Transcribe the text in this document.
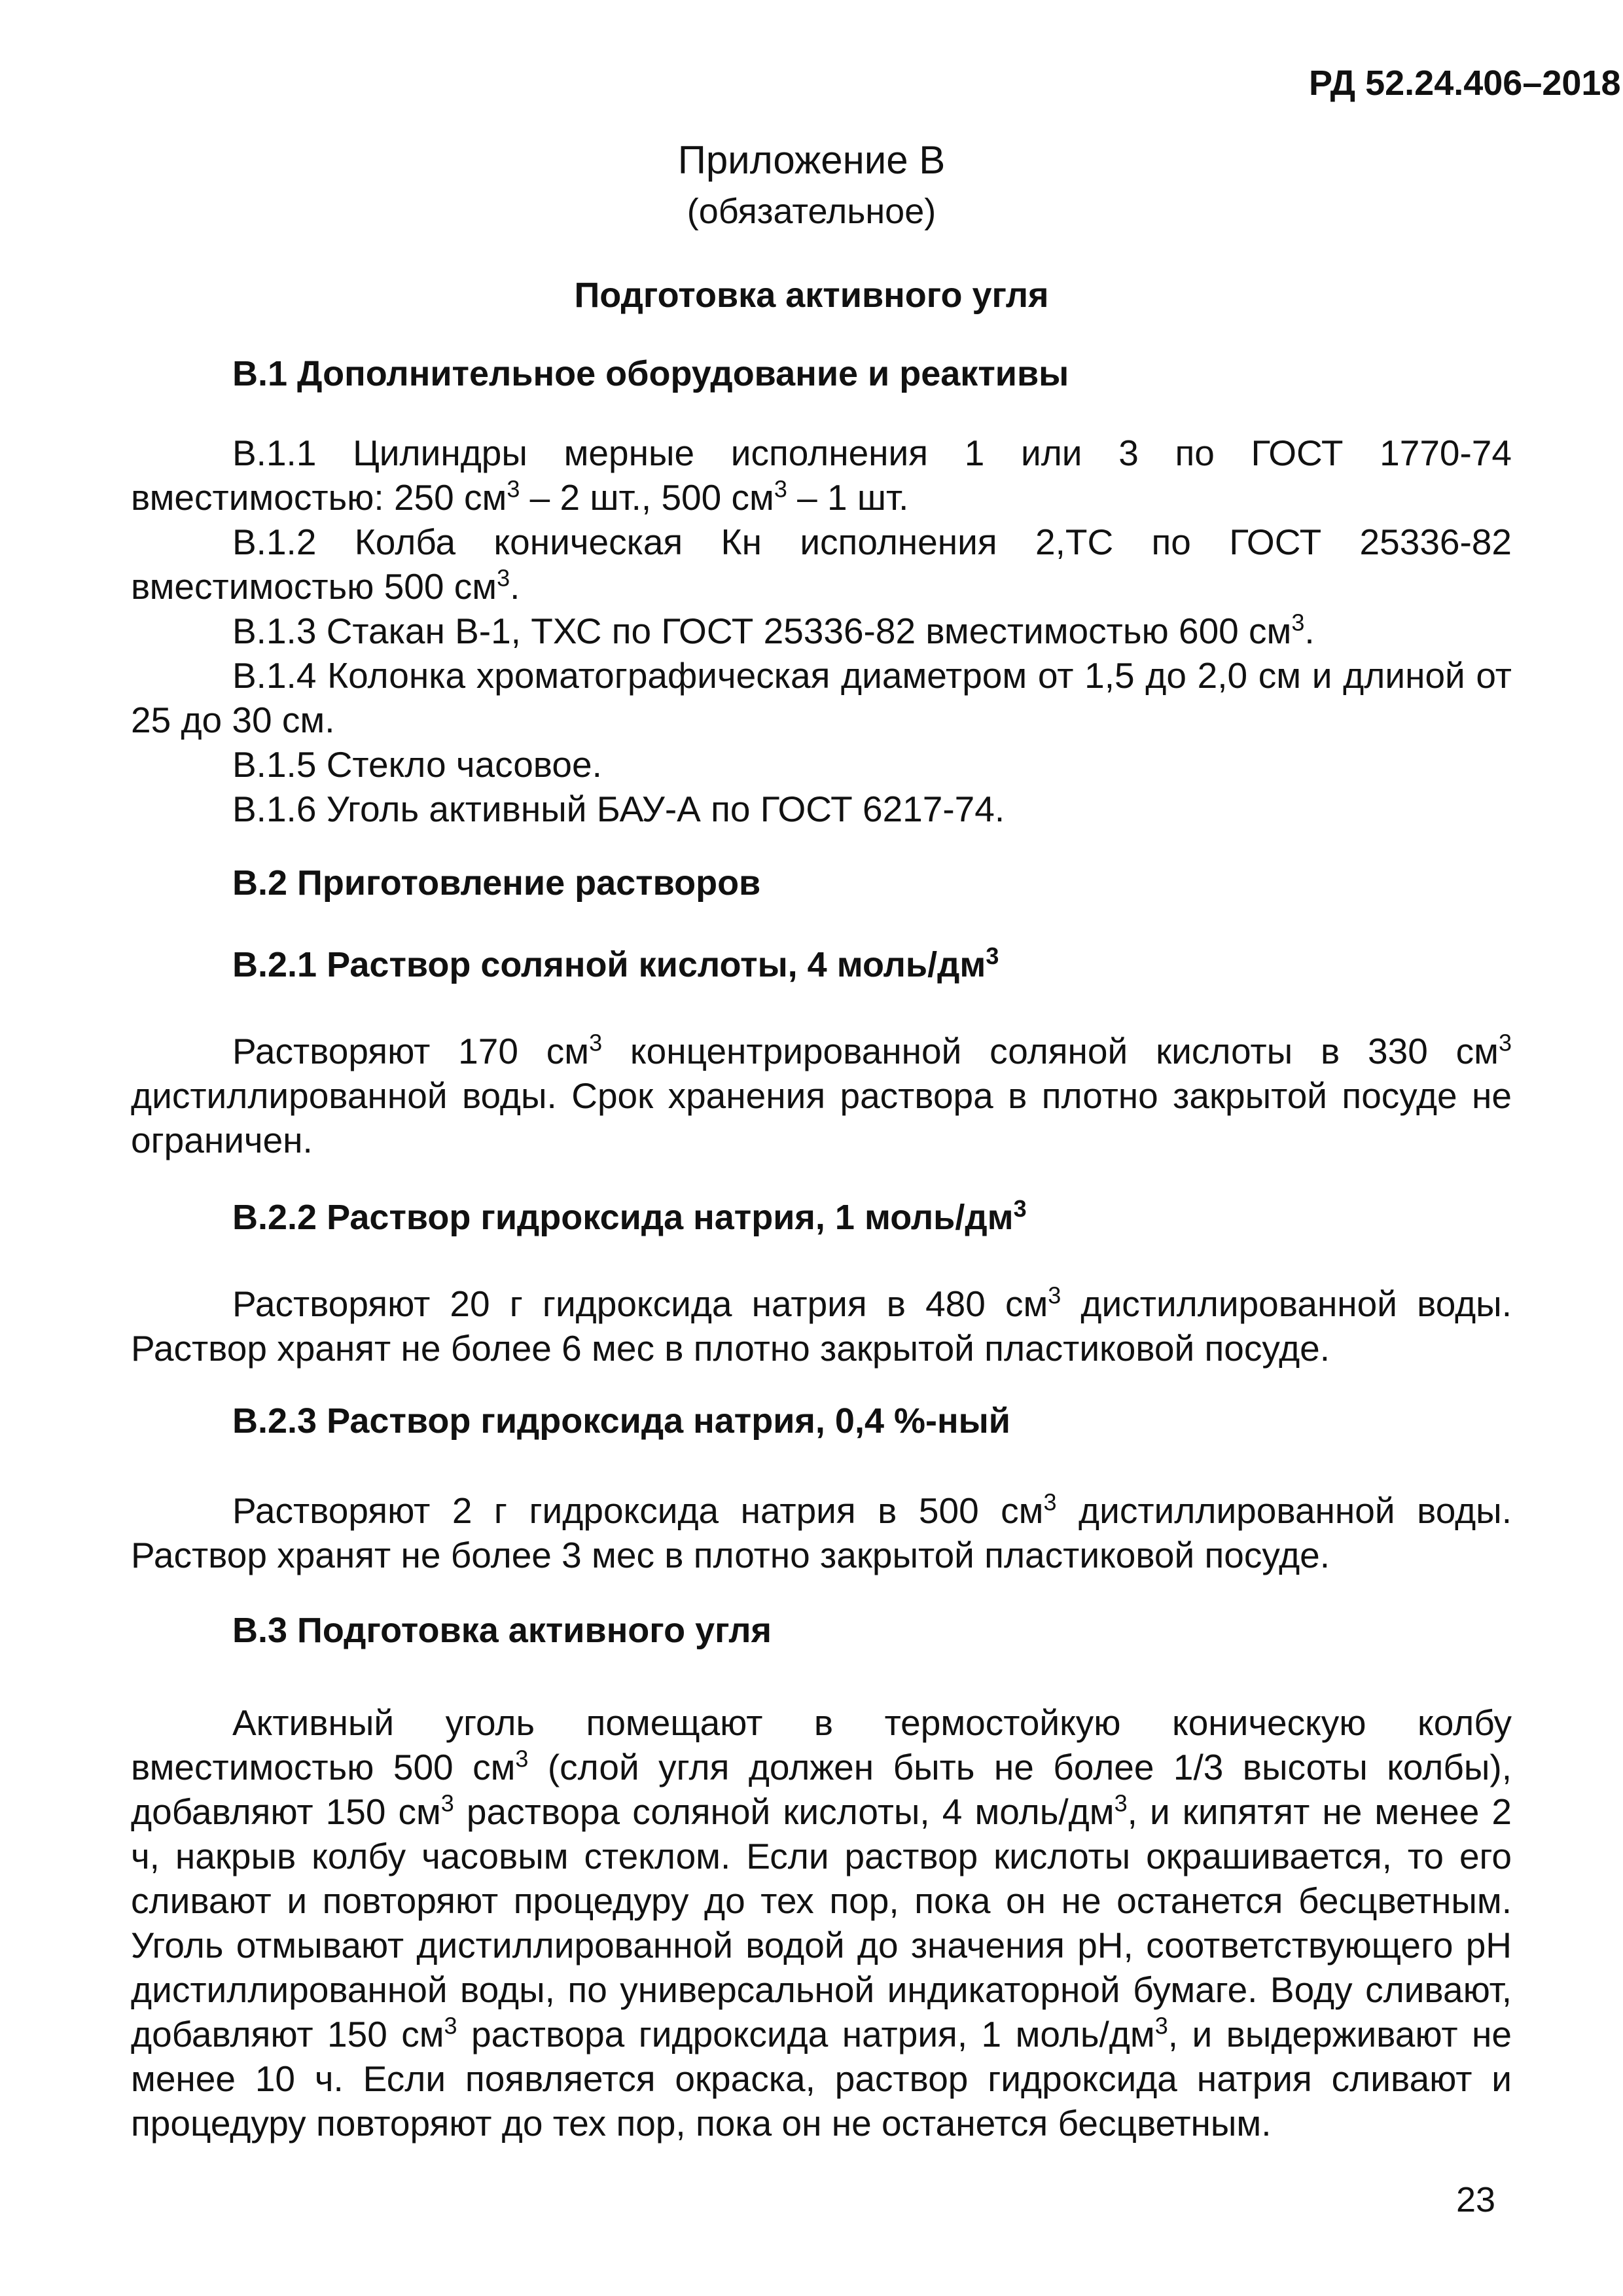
РД 52.24.406–2018
Приложение В
(обязательное)
Подготовка активного угля
В.1 Дополнительное оборудование и реактивы
В.1.1 Цилиндры мерные исполнения 1 или 3 по ГОСТ 1770-74 вместимостью: 250 $см^3 - 2$ шт., 500 $см^3 - 1$ шт.
В.1.2 Колба коническая Кн исполнения 2,ТС по ГОСТ 25336-82 вместимостью 500 $см^3$.
В.1.3 Стакан В-1, ТХС по ГОСТ 25336-82 вместимостью 600 $см^3$.
В.1.4 Колонка хроматографическая диаметром от 1,5 до 2,0 см и длиной от 25 до 30 см.
В.1.5 Стекло часовое.
В.1.6 Уголь активный БАУ-А по ГОСТ 6217-74.
В.2 Приготовление растворов
В.2.1 Раствор соляной кислоты, 4 моль/$дм^3$
Растворяют 170 $см^3$ концентрированной соляной кислоты в 330 $см^3$ дистиллированной воды. Срок хранения раствора в плотно закрытой посуде не ограничен.
В.2.2 Раствор гидроксида натрия, 1 моль/$дм^3$
Растворяют 20 г гидроксида натрия в 480 $см^3$ дистиллированной воды. Раствор хранят не более 6 мес в плотно закрытой пластиковой посуде.
В.2.3 Раствор гидроксида натрия, 0,4 %-ный
Растворяют 2 г гидроксида натрия в 500 $см^3$ дистиллированной воды. Раствор хранят не более 3 мес в плотно закрытой пластиковой посуде.
В.3 Подготовка активного угля
Активный уголь помещают в термостойкую коническую колбу вместимостью 500 $см^3$ (слой угля должен быть не более 1/3 высоты колбы), добавляют 150 $см^3$ раствора соляной кислоты, 4 моль/$дм^3$, и кипятят не менее 2 ч, накрыв колбу часовым стеклом. Если раствор кислоты окрашивается, то его сливают и повторяют процедуру до тех пор, пока он не останется бесцветным. Уголь отмывают дистиллированной водой до значения pH, соответствующего pH дистиллированной воды, по универсальной индикаторной бумаге. Воду сливают, добавляют 150 $см^3$ раствора гидроксида натрия, 1 моль/$дм^3$, и выдерживают не менее 10 ч. Если появляется окраска, раствор гидроксида натрия сливают и процедуру повторяют до тех пор, пока он не останется бесцветным.
23
